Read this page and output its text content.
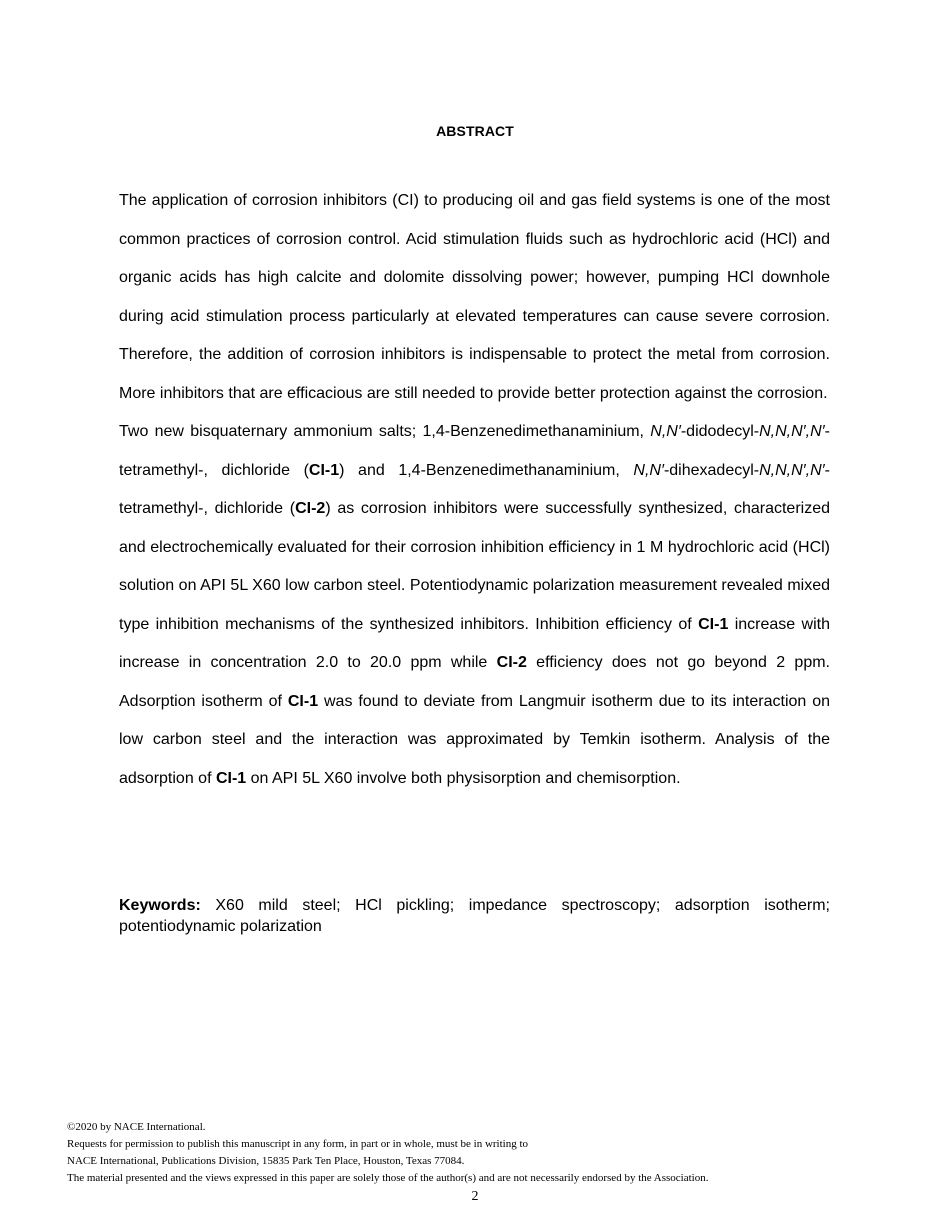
ABSTRACT

The application of corrosion inhibitors (CI) to producing oil and gas field systems is one of the most common practices of corrosion control. Acid stimulation fluids such as hydrochloric acid (HCl) and organic acids has high calcite and dolomite dissolving power; however, pumping HCl downhole during acid stimulation process particularly at elevated temperatures can cause severe corrosion. Therefore, the addition of corrosion inhibitors is indispensable to protect the metal from corrosion. More inhibitors that are efficacious are still needed to provide better protection against the corrosion.

Two new bisquaternary ammonium salts; 1,4-Benzenedimethanaminium, N,N′-didodecyl-N,N,N′,N′-tetramethyl-, dichloride (CI-1) and 1,4-Benzenedimethanaminium, N,N′-dihexadecyl-N,N,N′,N′-tetramethyl-, dichloride (CI-2) as corrosion inhibitors were successfully synthesized, characterized and electrochemically evaluated for their corrosion inhibition efficiency in 1 M hydrochloric acid (HCl) solution on API 5L X60 low carbon steel. Potentiodynamic polarization measurement revealed mixed type inhibition mechanisms of the synthesized inhibitors. Inhibition efficiency of CI-1 increase with increase in concentration 2.0 to 20.0 ppm while CI-2 efficiency does not go beyond 2 ppm. Adsorption isotherm of CI-1 was found to deviate from Langmuir isotherm due to its interaction on low carbon steel and the interaction was approximated by Temkin isotherm. Analysis of the adsorption of CI-1 on API 5L X60 involve both physisorption and chemisorption.

Keywords: X60 mild steel; HCl pickling; impedance spectroscopy; adsorption isotherm; potentiodynamic polarization
©2020 by NACE International.
Requests for permission to publish this manuscript in any form, in part or in whole, must be in writing to
NACE International, Publications Division, 15835 Park Ten Place, Houston, Texas 77084.
The material presented and the views expressed in this paper are solely those of the author(s) and are not necessarily endorsed by the Association.
2
